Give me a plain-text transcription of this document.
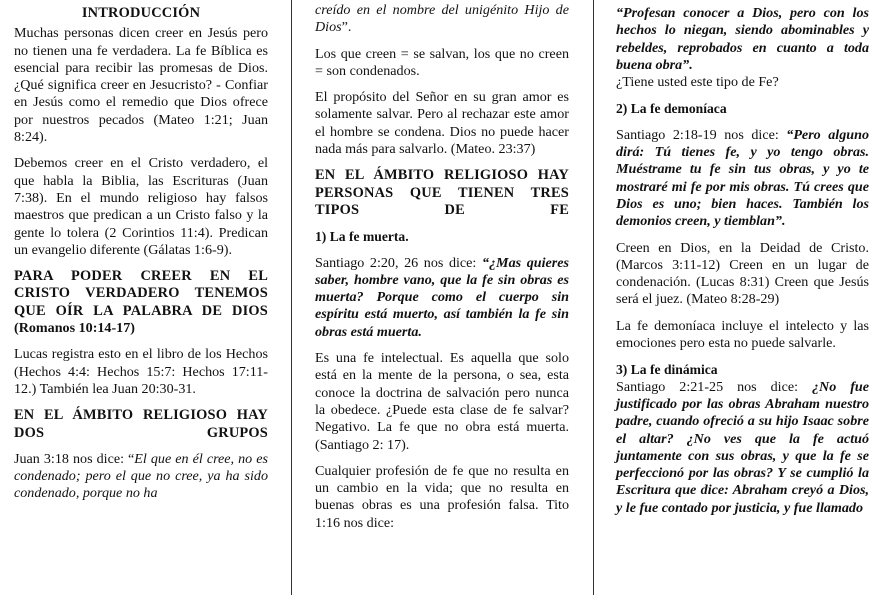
INTRODUCCIÓN

Muchas personas dicen creer en Jesús pero no tienen una fe verdadera. La fe Bíblica es esencial para recibir las promesas de Dios. ¿Qué significa creer en Jesucristo? - Confiar en Jesús como el remedio que Dios ofrece por nuestros pecados (Mateo 1:21; Juan 8:24).

Debemos creer en el Cristo verdadero, el que habla la Biblia, las Escrituras (Juan 7:38). En el mundo religioso hay falsos maestros que predican a un Cristo falso y la gente lo tolera (2 Corintios 11:4). Predican un evangelio diferente (Gálatas 1:6-9).

PARA PODER CREER EN EL CRISTO VERDADERO TENEMOS QUE OÍR LA PALABRA DE DIOS

(Romanos 10:14-17)

Lucas registra esto en el libro de los Hechos (Hechos 4:4: Hechos 15:7: Hechos 17:11-12.) También lea Juan 20:30-31.

EN EL ÁMBITO RELIGIOSO HAY DOS GRUPOS

Juan 3:18 nos dice: “El que en él cree, no es condenado; pero el que no cree, ya ha sido condenado, porque no ha

creído en el nombre del unigénito Hijo de Dios”.

Los que creen = se salvan, los que no creen = son condenados.

El propósito del Señor en su gran amor es solamente salvar. Pero al rechazar este amor el hombre se condena. Dios no puede hacer nada más para salvarlo. (Mateo. 23:37)

EN EL ÁMBITO RELIGIOSO HAY PERSONAS QUE TIENEN TRES TIPOS DE FE
1) La fe muerta.

Santiago 2:20, 26 nos dice: “¿Mas quieres saber, hombre vano, que la fe sin obras es muerta? Porque como el cuerpo sin espíritu está muerto, así también la fe sin obras está muerta.

Es una fe intelectual. Es aquella que solo está en la mente de la persona, o sea, esta conoce la doctrina de salvación pero nunca la obedece. ¿Puede esta clase de fe salvar? Negativo. La fe que no obra está muerta. (Santiago 2: 17).

Cualquier profesión de fe que no resulta en un cambio en la vida; que no resulta en buenas obras es una profesión falsa. Tito 1:16 nos dice:

“Profesan conocer a Dios, pero con los hechos lo niegan, siendo abominables y rebeldes, reprobados en cuanto a toda buena obra”.

¿Tiene usted este tipo de Fe?

2) La fe demoníaca

Santiago 2:18-19 nos dice: “Pero alguno dirá: Tú tienes fe, y yo tengo obras. Muéstrame tu fe sin tus obras, y yo te mostraré mi fe por mis obras. Tú crees que Dios es uno; bien haces. También los demonios creen, y tiemblan”.

Creen en Dios, en la Deidad de Cristo. (Marcos 3:11-12) Creen en un lugar de condenación. (Lucas 8:31) Creen que Jesús será el juez. (Mateo 8:28-29)

La fe demoníaca incluye el intelecto y las emociones pero esta no puede salvarle.

3) La fe dinámica

Santiago 2:21-25 nos dice: ¿No fue justificado por las obras Abraham nuestro padre, cuando ofreció a su hijo Isaac sobre el altar? ¿No ves que la fe actuó juntamente con sus obras, y que la fe se perfeccionó por las obras? Y se cumplió la Escritura que dice: Abraham creyó a Dios, y le fue contado por justicia, y fue llamado
